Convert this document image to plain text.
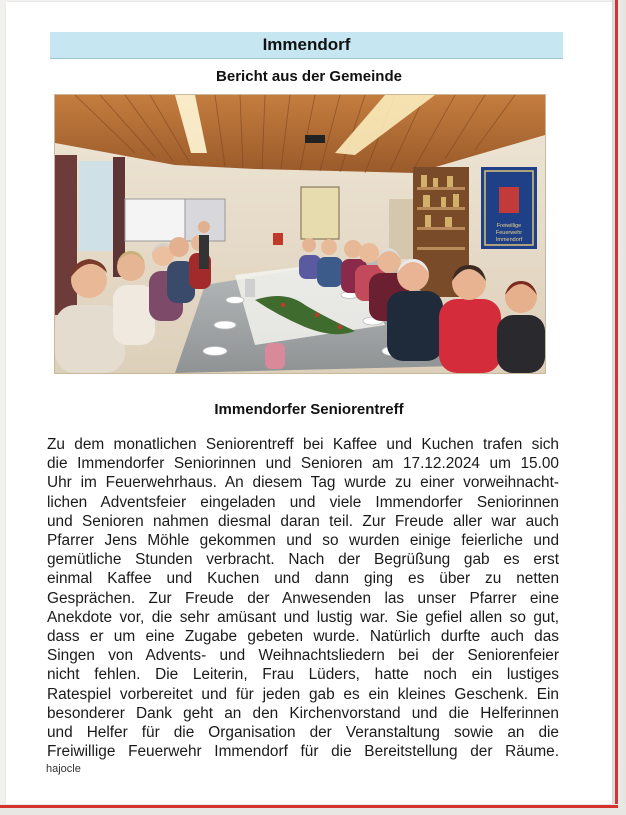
Immendorf
Bericht aus der Gemeinde
Freiwillige
Feuerwehr
Immendorf
Immendorfer Seniorentreff
Zu dem monatlichen Seniorentreff bei Kaffee und Kuchen trafen sich
die Immendorfer Seniorinnen und Senioren am 17.12.2024 um 15.00
Uhr im Feuerwehrhaus. An diesem Tag wurde zu einer vorweihnacht-
lichen Adventsfeier eingeladen und viele Immendorfer Seniorinnen
und Senioren nahmen diesmal daran teil. Zur Freude aller war auch
Pfarrer Jens Möhle gekommen und so wurden einige feierliche und
gemütliche Stunden verbracht. Nach der Begrüßung gab es erst
einmal Kaffee und Kuchen und dann ging es über zu netten
Gesprächen. Zur Freude der Anwesenden las unser Pfarrer eine
Anekdote vor, die sehr amüsant und lustig war. Sie gefiel allen so gut,
dass er um eine Zugabe gebeten wurde. Natürlich durfte auch das
Singen von Advents- und Weihnachtsliedern bei der Seniorenfeier
nicht fehlen. Die Leiterin, Frau Lüders, hatte noch ein lustiges
Ratespiel vorbereitet und für jeden gab es ein kleines Geschenk. Ein
besonderer Dank geht an den Kirchenvorstand und die Helferinnen
und Helfer für die Organisation der Veranstaltung sowie an die
Freiwillige Feuerwehr Immendorf für die Bereitstellung der Räume.
hajocle
